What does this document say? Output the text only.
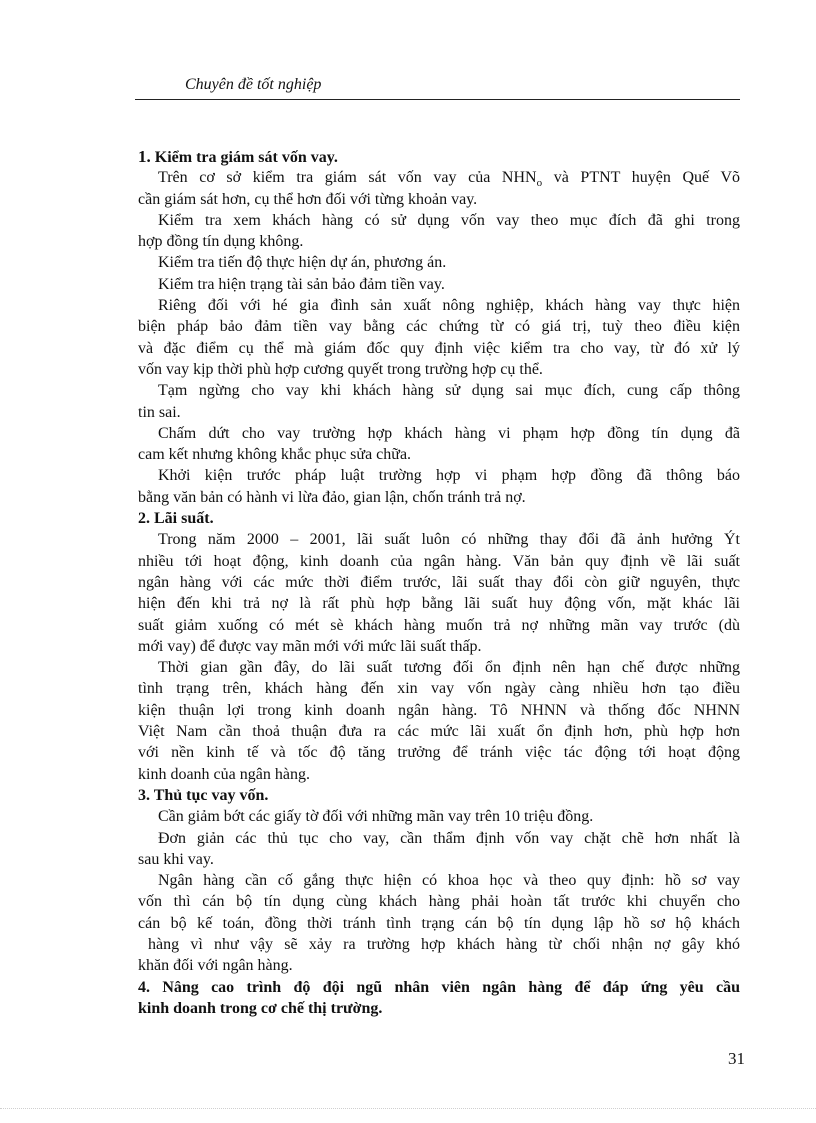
Chuyên đề tốt nghiệp
1. Kiểm tra giám sát vốn vay.
Trên cơ sở kiểm tra giám sát vốn vay của $NHN_o$ và PTNT huyện Quế Võ
cần giám sát hơn, cụ thể hơn đối với từng khoản vay.
Kiểm tra xem khách hàng có sử dụng vốn vay theo mục đích đã ghi trong
hợp đồng tín dụng không.
Kiểm tra tiến độ thực hiện dự án, phương án.
Kiểm tra hiện trạng tài sản bảo đảm tiền vay.
Riêng đối với hé gia đình sản xuất nông nghiệp, khách hàng vay thực hiện
biện pháp bảo đảm tiền vay bằng các chứng từ có giá trị, tuỳ theo điều kiện
và đặc điểm cụ thể mà giám đốc quy định việc kiểm tra cho vay, từ đó xử lý
vốn vay kịp thời phù hợp cương quyết trong trường hợp cụ thể.
Tạm ngừng cho vay khi khách hàng sử dụng sai mục đích, cung cấp thông
tin sai.
Chấm dứt cho vay trường hợp khách hàng vi phạm hợp đồng tín dụng đã
cam kết nhưng không khắc phục sửa chữa.
Khởi kiện trước pháp luật trường hợp vi phạm hợp đồng đã thông báo
bằng văn bản có hành vi lừa đảo, gian lận, chốn tránh trả nợ.
2. Lãi suất.
Trong năm 2000 – 2001, lãi suất luôn có những thay đổi đã ảnh hưởng Ýt
nhiều tới hoạt động, kinh doanh của ngân hàng. Văn bản quy định về lãi suất
ngân hàng với các mức thời điểm trước, lãi suất thay đổi còn giữ nguyên, thực
hiện đến khi trả nợ là rất phù hợp bằng lãi suất huy động vốn, mặt khác lãi
suất giảm xuống có mét sè khách hàng muốn trả nợ những mãn vay trước (dù
mới vay) để được vay mãn mới với mức lãi suất thấp.
Thời gian gần đây, do lãi suất tương đối ổn định nên hạn chế được những
tình trạng trên, khách hàng đến xin vay vốn ngày càng nhiều hơn tạo điều
kiện thuận lợi trong kinh doanh ngân hàng. Tô NHNN và thống đốc NHNN
Việt Nam cần thoả thuận đưa ra các mức lãi xuất ổn định hơn, phù hợp hơn
với nền kinh tế và tốc độ tăng trưởng để tránh việc tác động tới hoạt động
kinh doanh của ngân hàng.
3. Thủ tục vay vốn.
Cần giảm bớt các giấy tờ đối với những mãn vay trên 10 triệu đồng.
Đơn giản các thủ tục cho vay, cần thẩm định vốn vay chặt chẽ hơn nhất là
sau khi vay.
Ngân hàng cần cố gắng thực hiện có khoa học và theo quy định: hồ sơ vay
vốn thì cán bộ tín dụng cùng khách hàng phải hoàn tất trước khi chuyển cho
cán bộ kế toán, đồng thời tránh tình trạng cán bộ tín dụng lập hồ sơ hộ khách
hàng vì như vậy sẽ xảy ra trường hợp khách hàng từ chối nhận nợ gây khó
khăn đối với ngân hàng.
4. Nâng cao trình độ đội ngũ nhân viên ngân hàng để đáp ứng yêu cầu
kinh doanh trong cơ chế thị trường.
31
